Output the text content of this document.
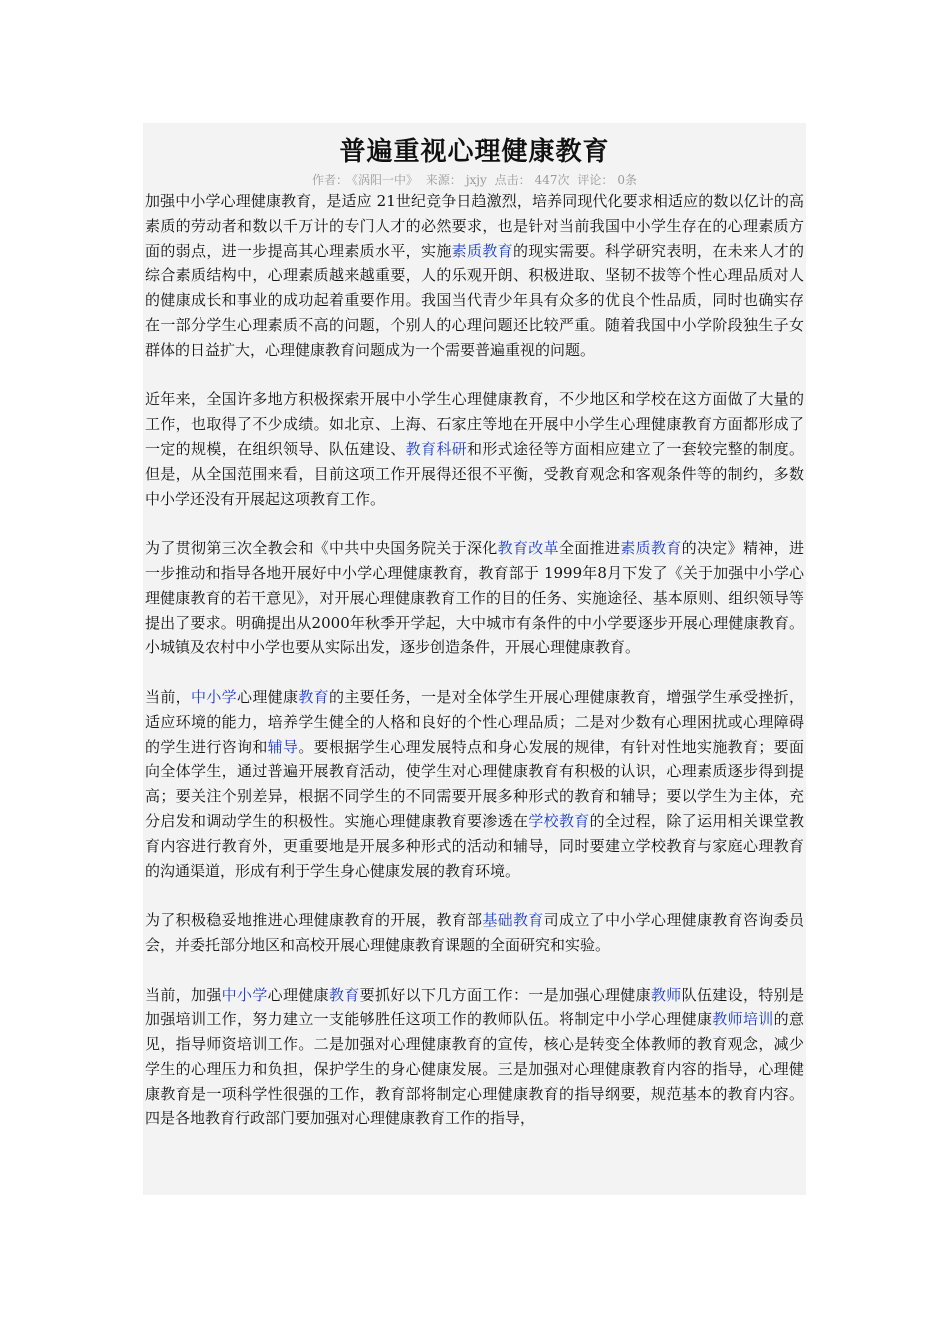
普遍重视心理健康教育
作者： 《涡阳一中》 来源： jxjy 点击： 447次 评论： 0条

加强中小学心理健康教育，是适应 21世纪竞争日趋激烈，培养同现代化要求相适应的数以亿计的高素质的劳动者和数以千万计的专门人才的必然要求，也是针对当前我国中小学生存在的心理素质方面的弱点，进一步提高其心理素质水平，实施素质教育的现实需要。科学研究表明，在未来人才的综合素质结构中，心理素质越来越重要，人的乐观开朗、积极进取、坚韧不拔等个性心理品质对人的健康成长和事业的成功起着重要作用。我国当代青少年具有众多的优良个性品质，同时也确实存在一部分学生心理素质不高的问题，个别人的心理问题还比较严重。随着我国中小学阶段独生子女群体的日益扩大，心理健康教育问题成为一个需要普遍重视的问题。

近年来，全国许多地方积极探索开展中小学生心理健康教育，不少地区和学校在这方面做了大量的工作，也取得了不少成绩。如北京、上海、石家庄等地在开展中小学生心理健康教育方面都形成了一定的规模，在组织领导、队伍建设、教育科研和形式途径等方面相应建立了一套较完整的制度。但是，从全国范围来看，目前这项工作开展得还很不平衡，受教育观念和客观条件等的制约，多数中小学还没有开展起这项教育工作。

为了贯彻第三次全教会和《中共中央国务院关于深化教育改革全面推进素质教育的决定》精神，进一步推动和指导各地开展好中小学心理健康教育，教育部于 1999年8月下发了《关于加强中小学心理健康教育的若干意见》，对开展心理健康教育工作的目的任务、实施途径、基本原则、组织领导等提出了要求。明确提出从2000年秋季开学起，大中城市有条件的中小学要逐步开展心理健康教育。小城镇及农村中小学也要从实际出发，逐步创造条件，开展心理健康教育。

当前，中小学心理健康教育的主要任务，一是对全体学生开展心理健康教育，增强学生承受挫折，适应环境的能力，培养学生健全的人格和良好的个性心理品质；二是对少数有心理困扰或心理障碍的学生进行咨询和辅导。要根据学生心理发展特点和身心发展的规律，有针对性地实施教育；要面向全体学生，通过普遍开展教育活动，使学生对心理健康教育有积极的认识，心理素质逐步得到提高；要关注个别差异，根据不同学生的不同需要开展多种形式的教育和辅导；要以学生为主体，充分启发和调动学生的积极性。实施心理健康教育要渗透在学校教育的全过程，除了运用相关课堂教育内容进行教育外，更重要地是开展多种形式的活动和辅导，同时要建立学校教育与家庭心理教育的沟通渠道，形成有利于学生身心健康发展的教育环境。

为了积极稳妥地推进心理健康教育的开展，教育部基础教育司成立了中小学心理健康教育咨询委员会，并委托部分地区和高校开展心理健康教育课题的全面研究和实验。

当前，加强中小学心理健康教育要抓好以下几方面工作：一是加强心理健康教师队伍建设，特别是加强培训工作，努力建立一支能够胜任这项工作的教师队伍。将制定中小学心理健康教师培训的意见，指导师资培训工作。二是加强对心理健康教育的宣传，核心是转变全体教师的教育观念，减少学生的心理压力和负担，保护学生的身心健康发展。三是加强对心理健康教育内容的指导，心理健康教育是一项科学性很强的工作，教育部将制定心理健康教育的指导纲要，规范基本的教育内容。四是各地教育行政部门要加强对心理健康教育工作的指导，
